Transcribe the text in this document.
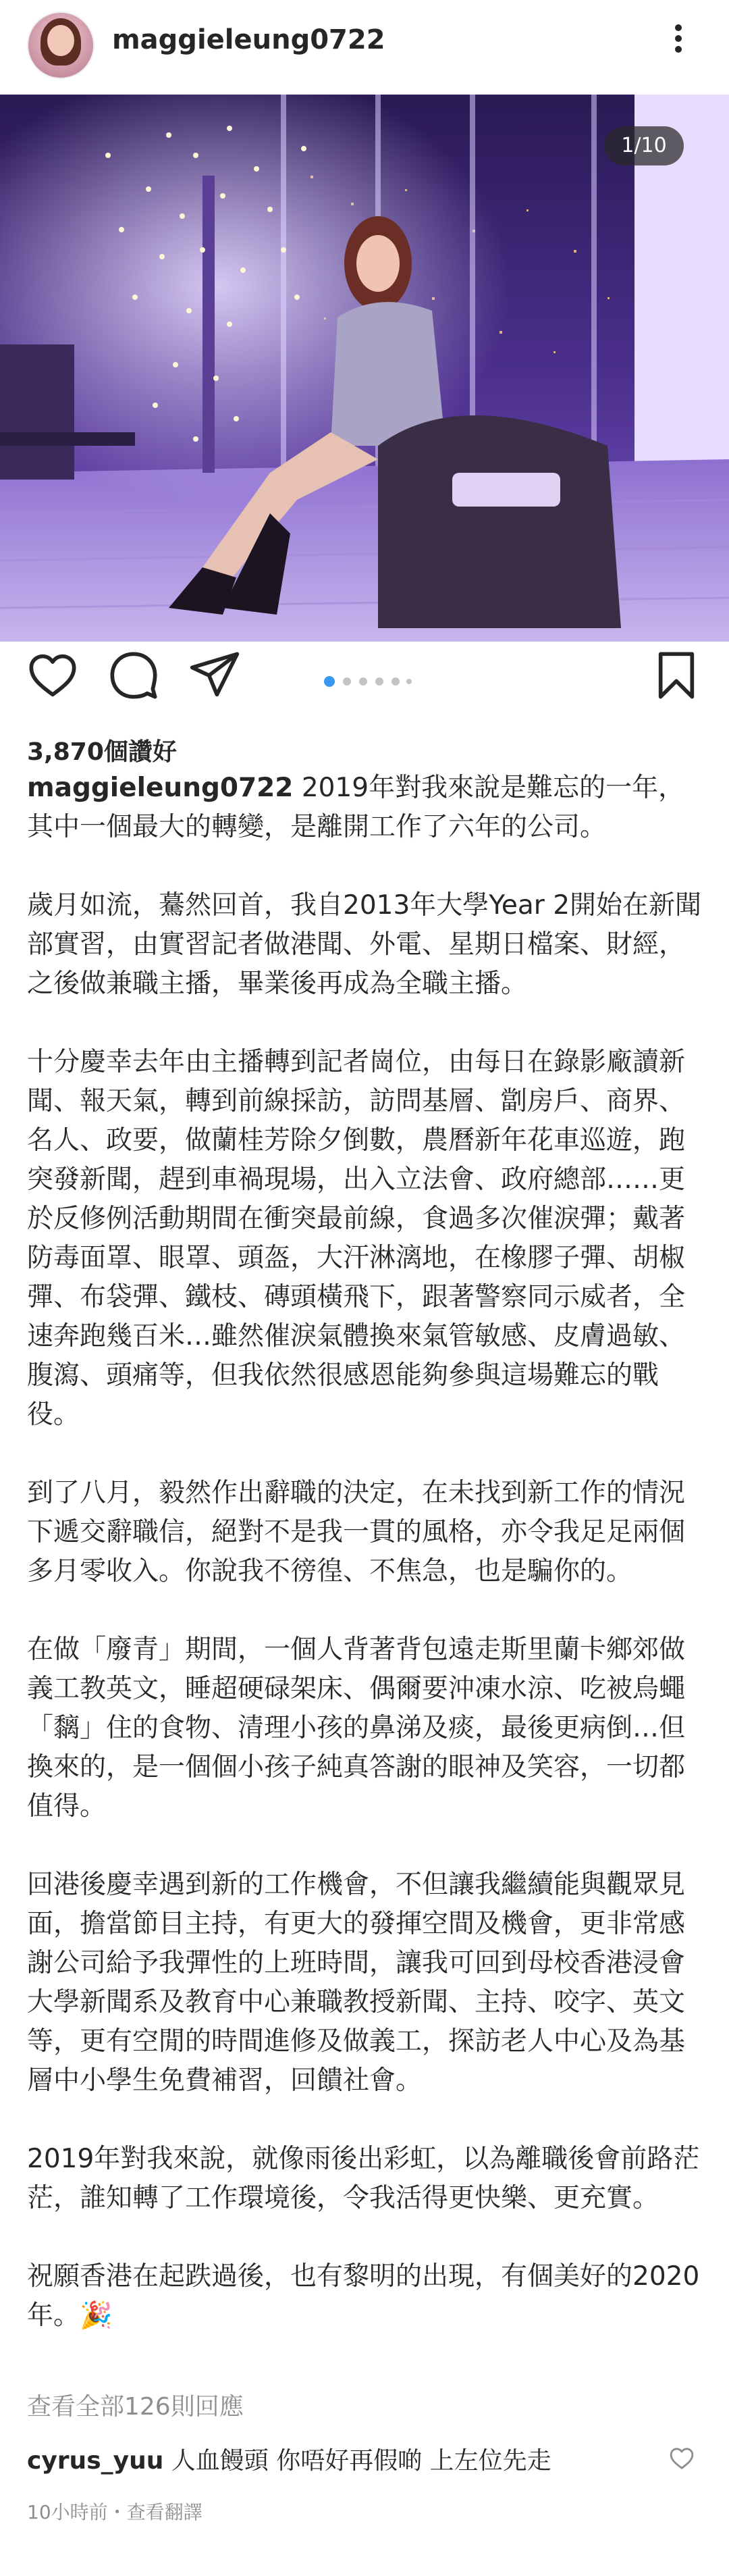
maggieleung0722
1/10
3,870個讚好

maggieleung0722 2019年對我來說是難忘的一年，其中一個最大的轉變，是離開工作了六年的公司。

歲月如流，驀然回首，我自2013年大學Year 2開始在新聞部實習，由實習記者做港聞、外電、星期日檔案、財經，之後做兼職主播，畢業後再成為全職主播。

十分慶幸去年由主播轉到記者崗位，由每日在錄影廠讀新聞、報天氣，轉到前線採訪，訪問基層、劏房戶、商界、名人、政要，做蘭桂芳除夕倒數，農曆新年花車巡遊，跑突發新聞，趕到車禍現場，出入立法會、政府總部……更於反修例活動期間在衝突最前線，食過多次催淚彈；戴著防毒面罩、眼罩、頭盔，大汗淋漓地，在橡膠子彈、胡椒彈、布袋彈、鐵枝、磚頭橫飛下，跟著警察同示威者，全速奔跑幾百米…雖然催淚氣體換來氣管敏感、皮膚過敏、腹瀉、頭痛等，但我依然很感恩能夠參與這場難忘的戰役。

到了八月，毅然作出辭職的決定，在未找到新工作的情況下遞交辭職信，絕對不是我一貫的風格，亦令我足足兩個多月零收入。你說我不徬徨、不焦急，也是騙你的。

在做「廢青」期間，一個人背著背包遠走斯里蘭卡鄉郊做義工教英文，睡超硬碌架床、偶爾要沖凍水涼、吃被烏蠅「黐」住的食物、清理小孩的鼻涕及痰，最後更病倒…但換來的，是一個個小孩子純真答謝的眼神及笑容，一切都值得。

回港後慶幸遇到新的工作機會，不但讓我繼續能與觀眾見面，擔當節目主持，有更大的發揮空間及機會，更非常感謝公司給予我彈性的上班時間，讓我可回到母校香港浸會大學新聞系及教育中心兼職教授新聞、主持、咬字、英文等，更有空閒的時間進修及做義工，探訪老人中心及為基層中小學生免費補習，回饋社會。

2019年對我來說，就像雨後出彩虹，以為離職後會前路茫茫，誰知轉了工作環境後，令我活得更快樂、更充實。

祝願香港在起跌過後，也有黎明的出現，有個美好的2020年。🎉

查看全部126則回應
cyrus_yuu 人血饅頭 你唔好再假啲 上左位先走
10小時前・查看翻譯
